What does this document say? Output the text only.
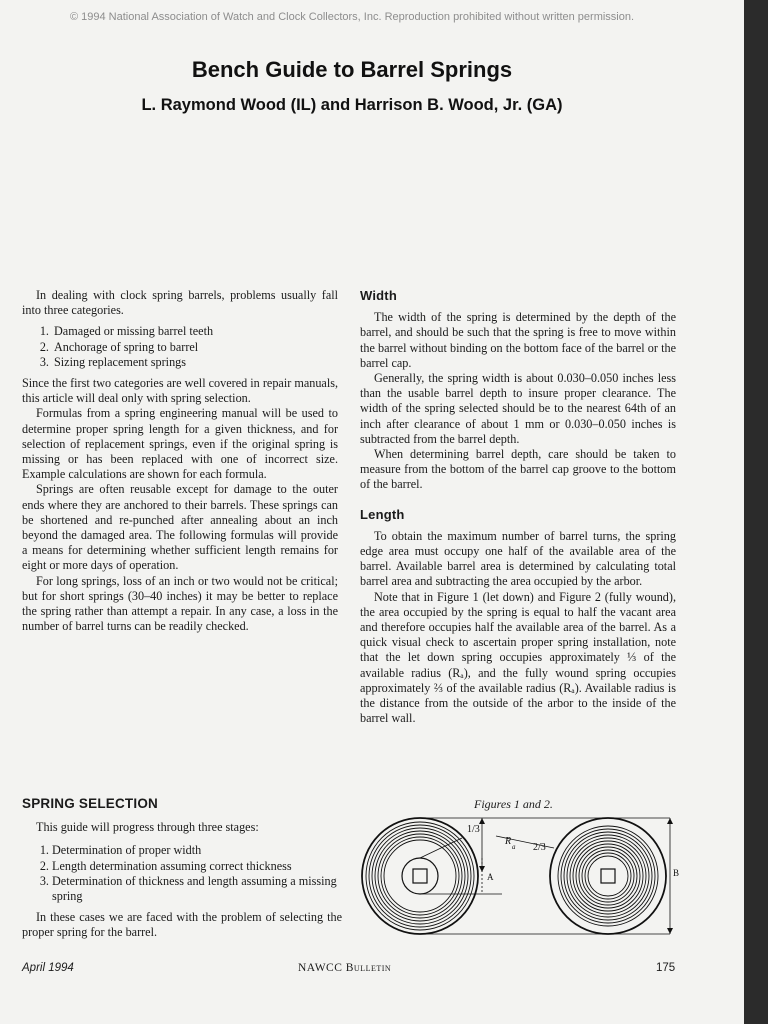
© 1994 National Association of Watch and Clock Collectors, Inc. Reproduction prohibited without written permission.
Bench Guide to Barrel Springs
L. Raymond Wood (IL) and Harrison B. Wood, Jr. (GA)

In dealing with clock spring barrels, problems usually fall into three categories.

1. Damaged or missing barrel teeth
2. Anchorage of spring to barrel
3. Sizing replacement springs

Since the first two categories are well covered in repair manuals, this article will deal only with spring selection.

Formulas from a spring engineering manual will be used to determine proper spring length for a given thickness, and for selection of replacement springs, even if the original spring is missing or has been replaced with one of incorrect size. Example calculations are shown for each formula.

Springs are often reusable except for damage to the outer ends where they are anchored to their barrels. These springs can be shortened and re-punched after annealing about an inch beyond the damaged area. The following formulas will provide a means for determining whether sufficient length remains for eight or more days of operation.

For long springs, loss of an inch or two would not be critical; but for short springs (30–40 inches) it may be better to replace the spring rather than attempt a repair. In any case, a loss in the number of barrel turns can be readily checked.

Width

The width of the spring is determined by the depth of the barrel, and should be such that the spring is free to move within the barrel without binding on the bottom face of the barrel or the barrel cap.

Generally, the spring width is about 0.030–0.050 inches less than the usable barrel depth to insure proper clearance. The width of the spring selected should be to the nearest 64th of an inch after clearance of about 1 mm or 0.030–0.050 inches is subtracted from the barrel depth.

When determining barrel depth, care should be taken to measure from the bottom of the barrel cap groove to the bottom of the barrel.

Length

To obtain the maximum number of barrel turns, the spring edge area must occupy one half of the available area of the barrel. Available barrel area is determined by calculating total barrel area and subtracting the area occupied by the arbor.

Note that in Figure 1 (let down) and Figure 2 (fully wound), the area occupied by the spring is equal to half the vacant area and therefore occupies half the available area of the barrel. As a quick visual check to ascertain proper spring installation, note that the let down spring occupies approximately ⅓ of the available radius (Rₐ), and the fully wound spring occupies approximately ⅔ of the available radius (Rₐ). Available radius is the distance from the outside of the arbor to the inside of the barrel wall.

SPRING SELECTION

This guide will progress through three stages:

1. Determination of proper width
2. Length determination assuming correct thickness
3. Determination of thickness and length assuming a missing spring

In these cases we are faced with the problem of selecting the proper spring for the barrel.

Figures 1 and 2.
1/3
2/3
R a
A	B
April 1994	NAWCC Bulletin	175
